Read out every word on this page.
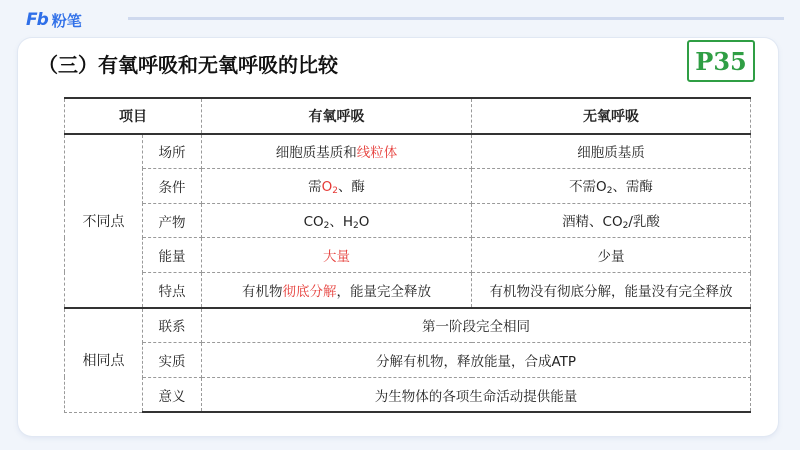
Fb 粉笔
（三）有氧呼吸和无氧呼吸的比较	P35
项目		有氧呼吸	无氧呼吸
不同点	场所	细胞质基质和线粒体	细胞质基质
	条件	需$O_2$、酶	不需$O_2$、需酶
	产物	$CO_2$、$H_2O$	酒精、$CO_2/$乳酸
	能量	大量	少量
	特点	有机物彻底分解，能量完全释放	有机物没有彻底分解，能量没有完全释放
相同点	联系	第一阶段完全相同	
	实质	分解有机物，释放能量，合成ATP	
	意义	为生物体的各项生命活动提供能量	
